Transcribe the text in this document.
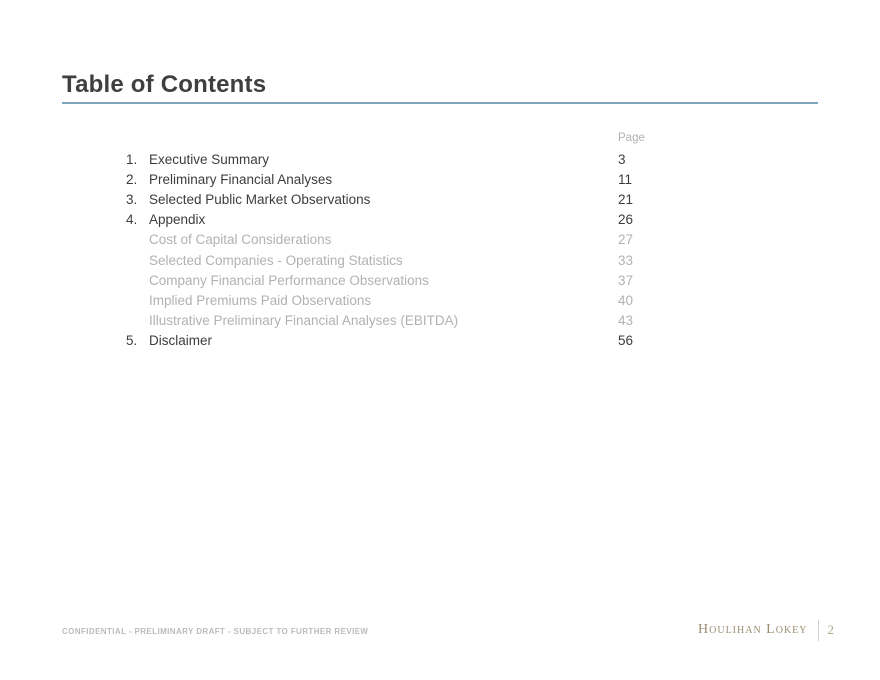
Table of Contents
Page
1. Executive Summary	3
2. Preliminary Financial Analyses	11
3. Selected Public Market Observations	21
4. Appendix	26
Cost of Capital Considerations	27
Selected Companies - Operating Statistics	33
Company Financial Performance Observations	37
Implied Premiums Paid Observations	40
Illustrative Preliminary Financial Analyses (EBITDA)	43
5. Disclaimer	56
CONFIDENTIAL - PRELIMINARY DRAFT - SUBJECT TO FURTHER REVIEW	Houlihan Lokey 2
